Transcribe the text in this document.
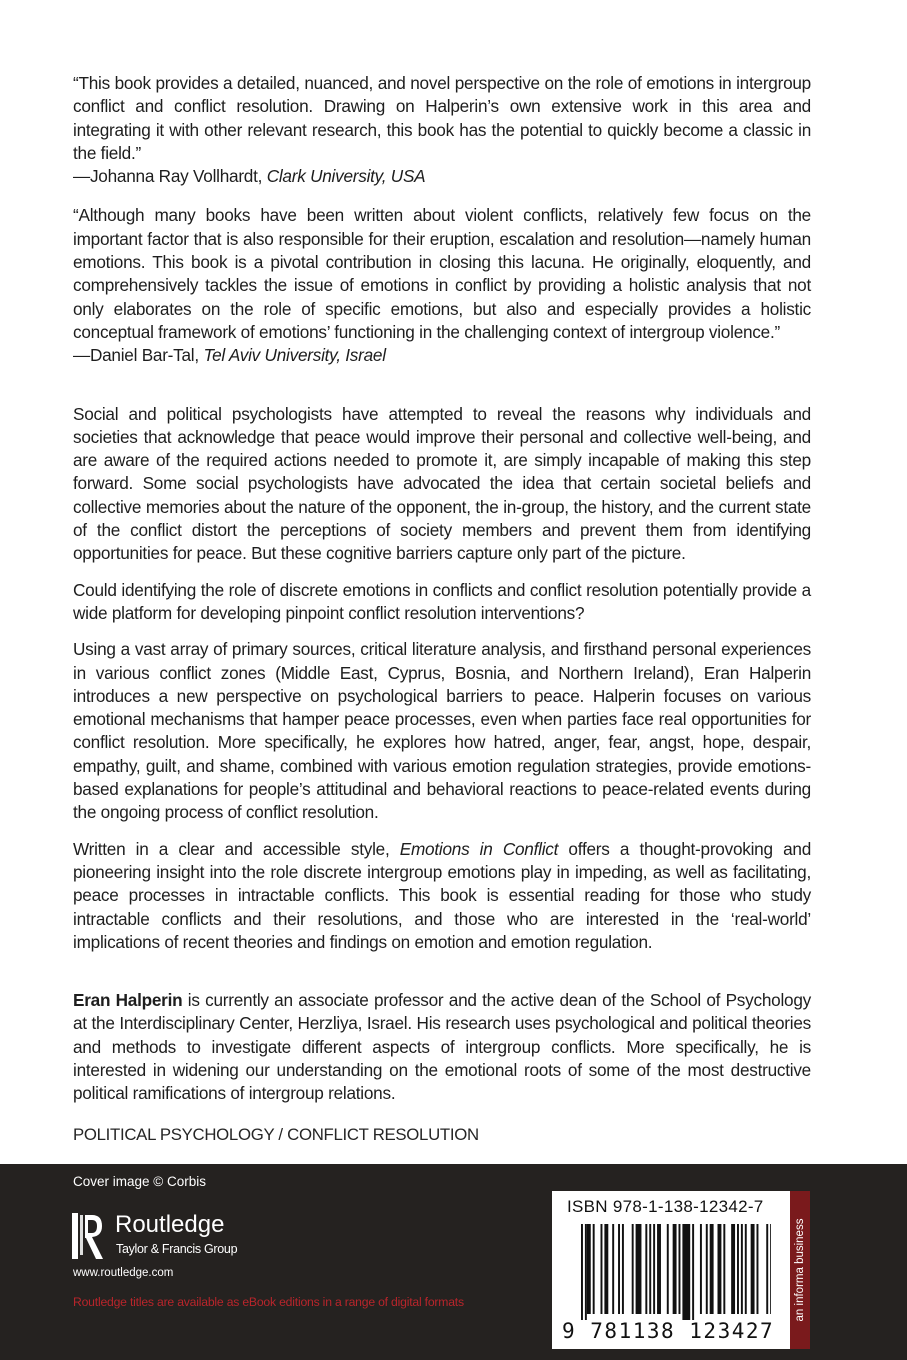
“This book provides a detailed, nuanced, and novel perspective on the role of emotions in intergroup conflict and conflict resolution. Drawing on Halperin’s own extensive work in this area and integrating it with other relevant research, this book has the potential to quickly become a classic in the field.”

—Johanna Ray Vollhardt, Clark University, USA

“Although many books have been written about violent conflicts, relatively few focus on the important factor that is also responsible for their eruption, escalation and resolution—namely human emotions. This book is a pivotal contribution in closing this lacuna. He originally, eloquently, and comprehensively tackles the issue of emotions in conflict by providing a holistic analysis that not only elaborates on the role of specific emotions, but also and especially provides a holistic conceptual framework of emotions’ functioning in the challenging context of intergroup violence.”

—Daniel Bar-Tal, Tel Aviv University, Israel

Social and political psychologists have attempted to reveal the reasons why individuals and societies that acknowledge that peace would improve their personal and collective well-being, and are aware of the required actions needed to promote it, are simply incapable of making this step forward. Some social psychologists have advocated the idea that certain societal beliefs and collective memories about the nature of the opponent, the in-group, the history, and the current state of the conflict distort the perceptions of society members and prevent them from identifying opportunities for peace. But these cognitive barriers capture only part of the picture.

Could identifying the role of discrete emotions in conflicts and conflict resolution potentially provide a wide platform for developing pinpoint conflict resolution interventions?

Using a vast array of primary sources, critical literature analysis, and firsthand personal experiences in various conflict zones (Middle East, Cyprus, Bosnia, and Northern Ireland), Eran Halperin introduces a new perspective on psychological barriers to peace. Halperin focuses on various emotional mechanisms that hamper peace processes, even when parties face real opportunities for conflict resolution. More specifically, he explores how hatred, anger, fear, angst, hope, despair, empathy, guilt, and shame, combined with various emotion regulation strategies, provide emotions-based explanations for people’s attitudinal and behavioral reactions to peace-related events during the ongoing process of conflict resolution.

Written in a clear and accessible style, Emotions in Conflict offers a thought-provoking and pioneering insight into the role discrete intergroup emotions play in impeding, as well as facilitating, peace processes in intractable conflicts. This book is essential reading for those who study intractable conflicts and their resolutions, and those who are interested in the ‘real-world’ implications of recent theories and findings on emotion and emotion regulation.

Eran Halperin is currently an associate professor and the active dean of the School of Psychology at the Interdisciplinary Center, Herzliya, Israel. His research uses psychological and political theories and methods to investigate different aspects of intergroup conflicts. More specifically, he is interested in widening our understanding on the emotional roots of some of the most destructive political ramifications of intergroup relations.

POLITICAL PSYCHOLOGY / CONFLICT RESOLUTION
Cover image © Corbis
Routledge
Taylor & Francis Group
www.routledge.com
Routledge titles are available as eBook editions in a range of digital formats
ISBN 978-1-138-12342-7
9 781138 123427
an informa business
